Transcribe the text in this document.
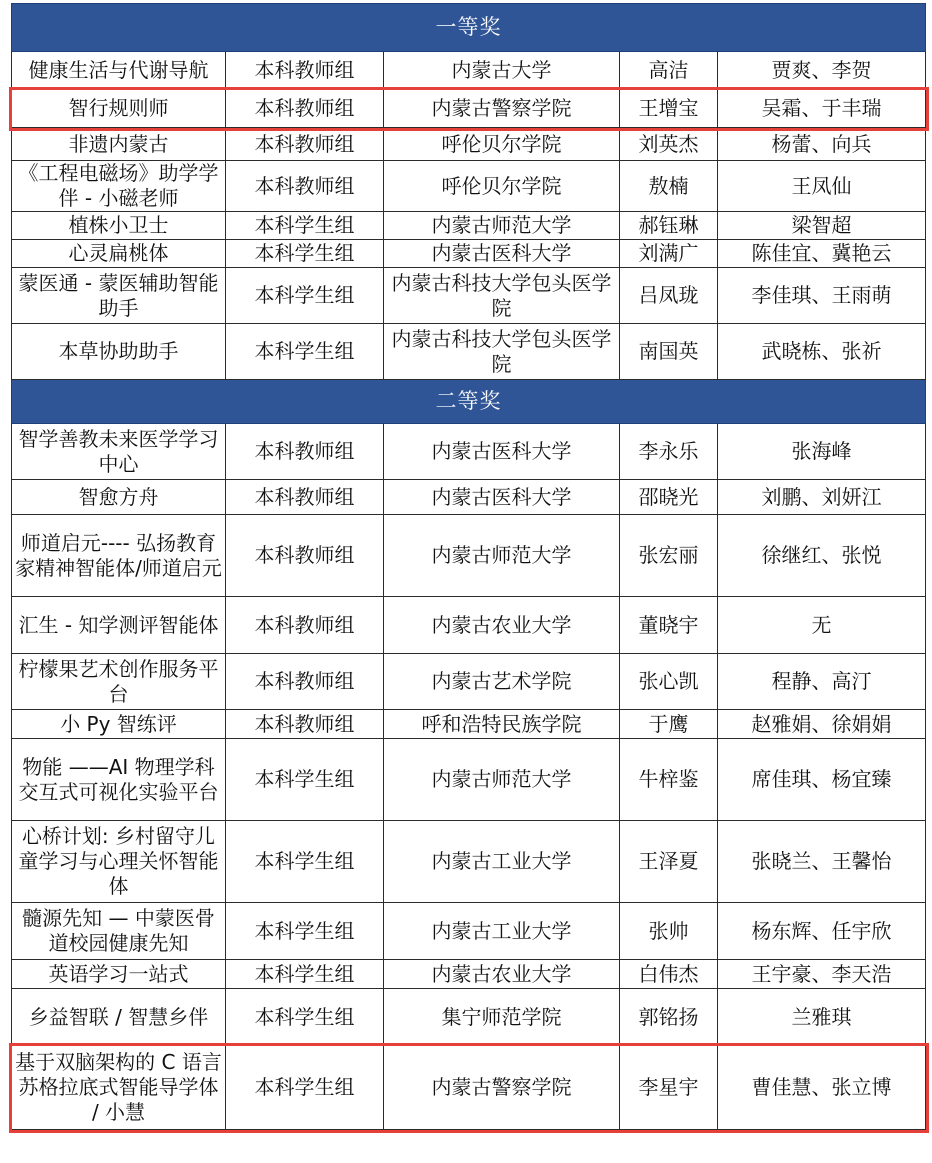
一等奖				
健康生活与代谢导航	本科教师组	内蒙古大学	高洁	贾爽、李贺
智行规则师	本科教师组	内蒙古警察学院	王增宝	吴霜、于丰瑞
非遗内蒙古	本科教师组	呼伦贝尔学院	刘英杰	杨蕾、向兵
《工程电磁场》助学学伴 - 小磁老师	本科教师组	呼伦贝尔学院	敖楠	王凤仙
植株小卫士	本科学生组	内蒙古师范大学	郝钰琳	梁智超
心灵扁桃体	本科学生组	内蒙古医科大学	刘满广	陈佳宜、冀艳云
蒙医通 - 蒙医辅助智能助手	本科学生组	内蒙古科技大学包头医学院	吕凤珑	李佳琪、王雨萌
本草协助助手	本科学生组	内蒙古科技大学包头医学院	南国英	武晓栋、张祈
二等奖				
智学善教未来医学学习中心	本科教师组	内蒙古医科大学	李永乐	张海峰
智愈方舟	本科教师组	内蒙古医科大学	邵晓光	刘鹏、刘妍江
师道启元---- 弘扬教育家精神智能体/师道启元	本科教师组	内蒙古师范大学	张宏丽	徐继红、张悦
汇生 - 知学测评智能体	本科教师组	内蒙古农业大学	董晓宇	无
柠檬果艺术创作服务平台	本科教师组	内蒙古艺术学院	张心凯	程静、高汀
小 Py 智练评	本科教师组	呼和浩特民族学院	于鹰	赵雅娟、徐娟娟
物能 ——AI 物理学科交互式可视化实验平台	本科学生组	内蒙古师范大学	牛梓鉴	席佳琪、杨宜臻
心桥计划: 乡村留守儿童学习与心理关怀智能体	本科学生组	内蒙古工业大学	王泽夏	张晓兰、王馨怡
髓源先知 — 中蒙医骨道校园健康先知	本科学生组	内蒙古工业大学	张帅	杨东辉、任宇欣
英语学习一站式	本科学生组	内蒙古农业大学	白伟杰	王宇豪、李天浩
乡益智联 / 智慧乡伴	本科学生组	集宁师范学院	郭铭扬	兰雅琪
基于双脑架构的 C 语言苏格拉底式智能导学体 / 小慧	本科学生组	内蒙古警察学院	李星宇	曹佳慧、张立博
